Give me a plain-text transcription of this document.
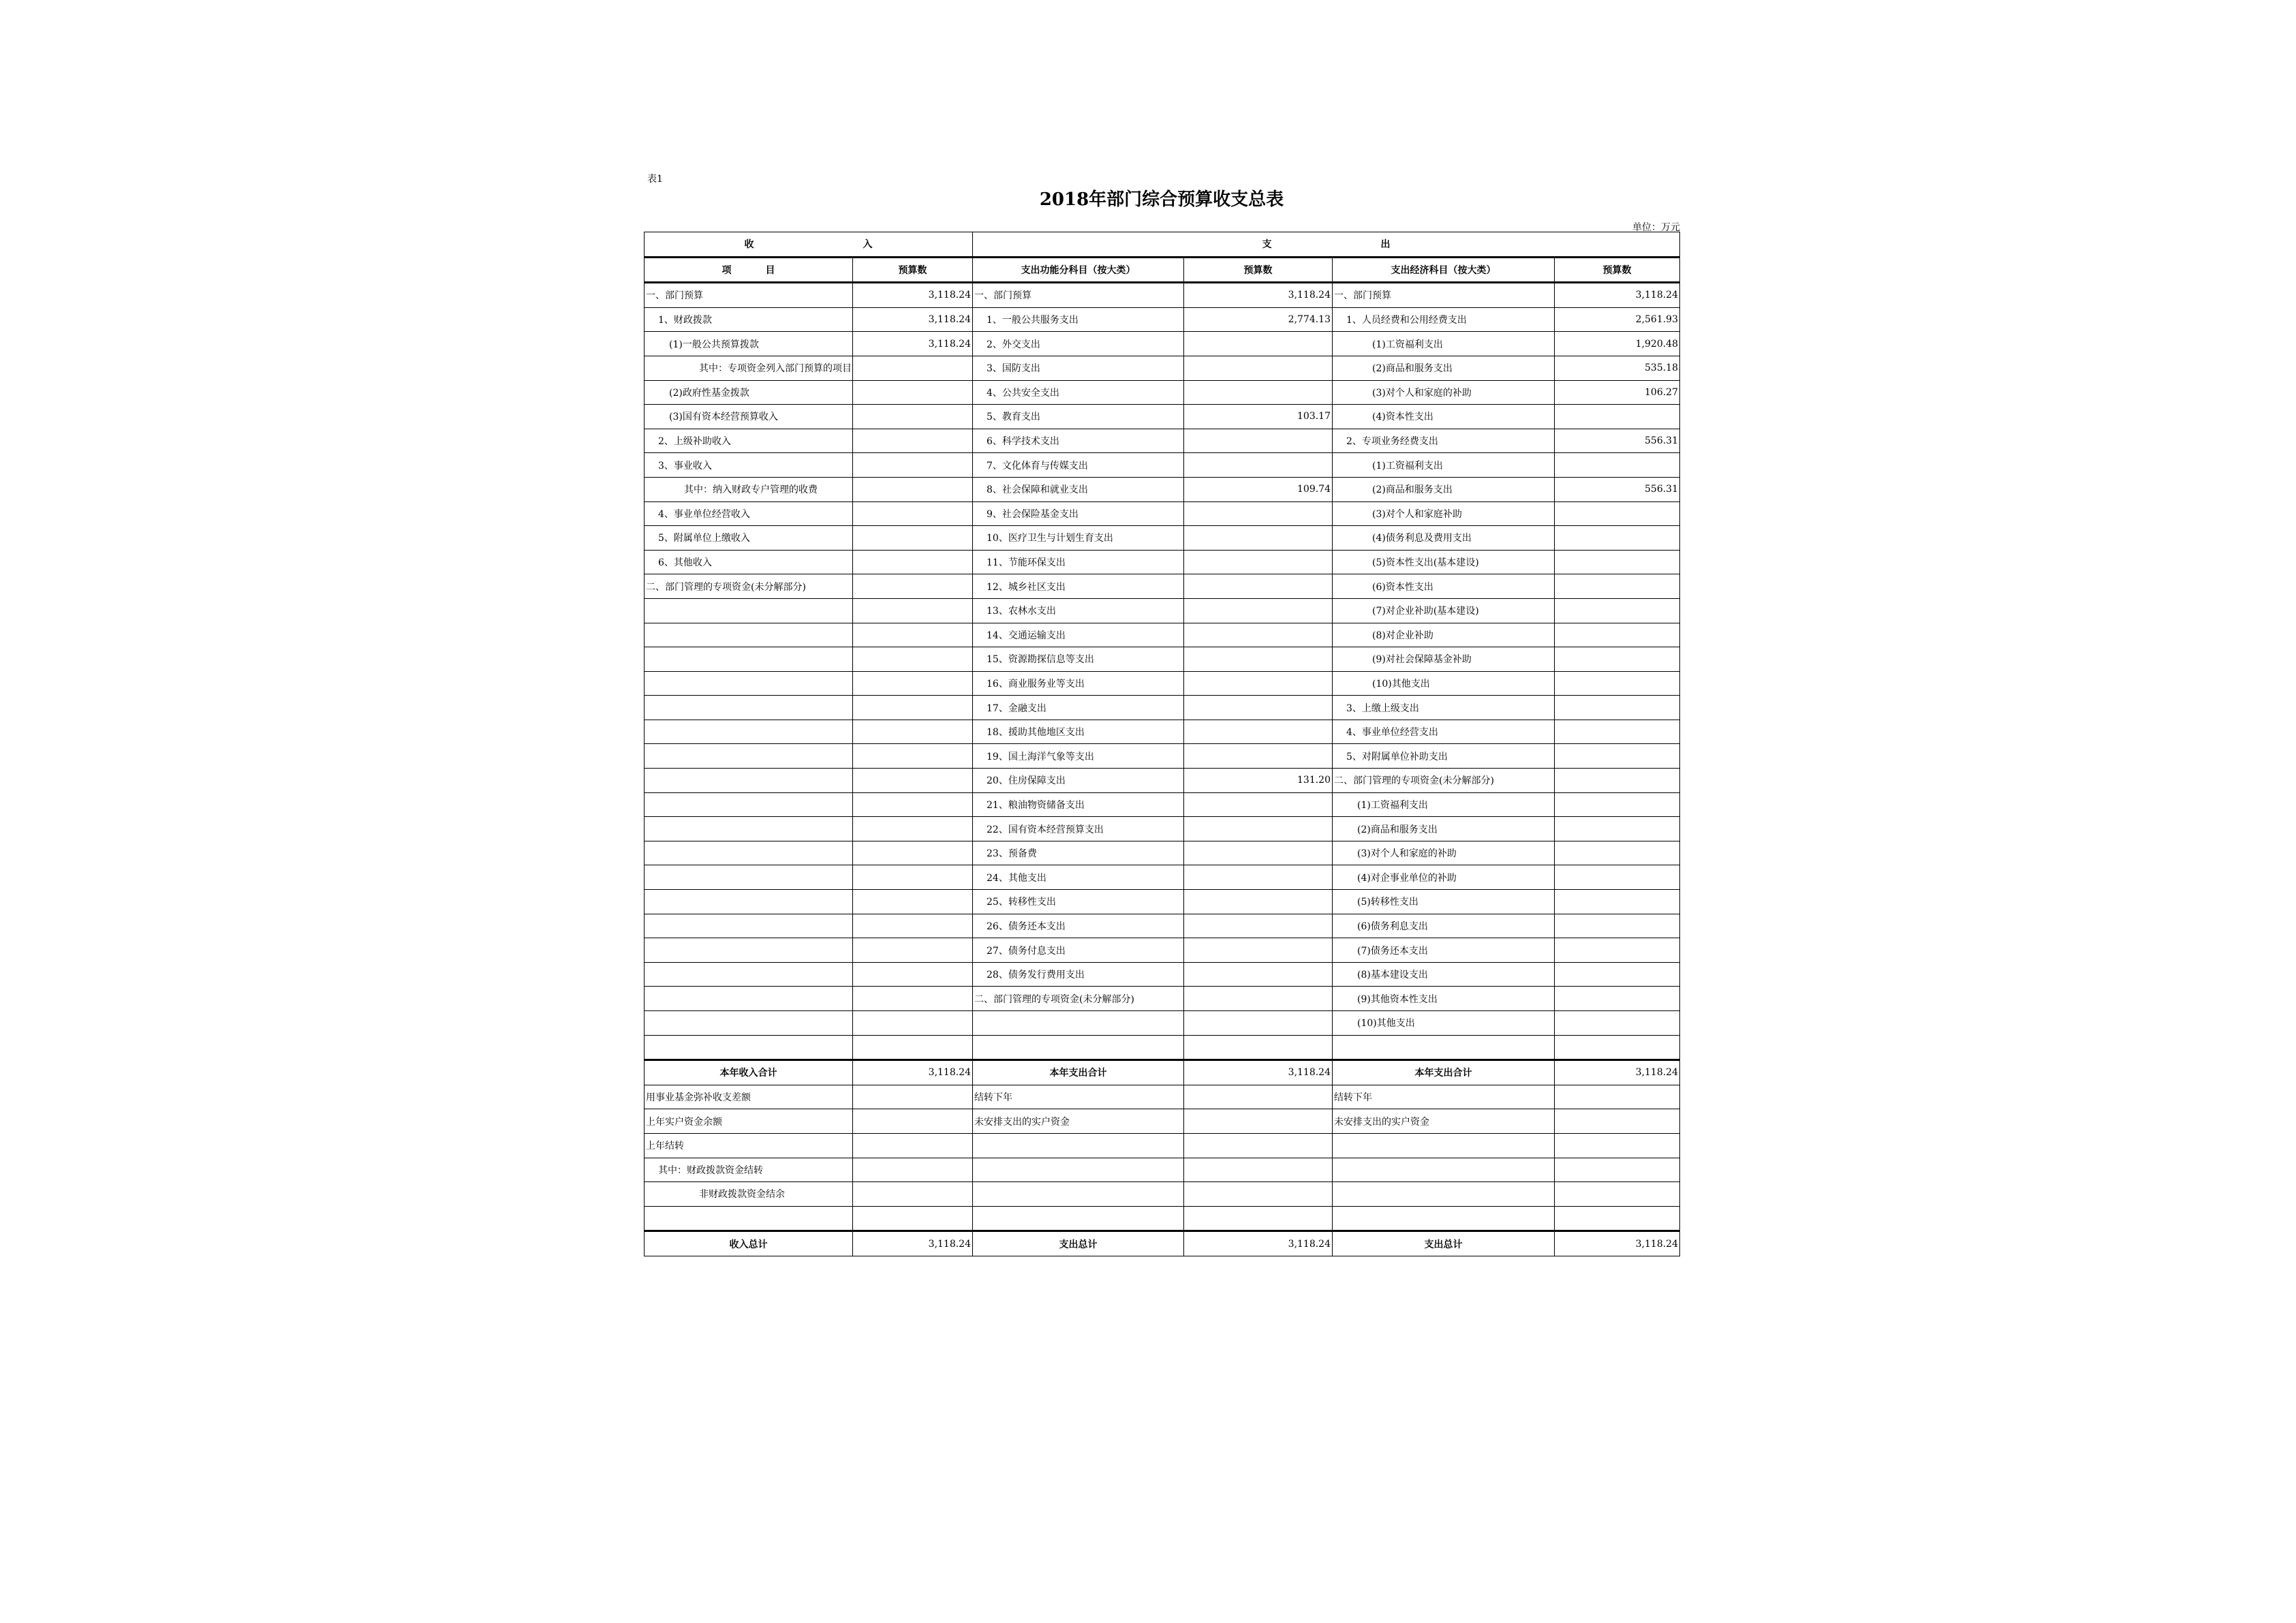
表1
2018年部门综合预算收支总表
单位：万元
收 入		支 出			
项 目	预算数	支出功能分科目（按大类）	预算数	支出经济科目（按大类）	预算数
一、部门预算	3,118.24	一、部门预算	3,118.24	一、部门预算	3,118.24
1、财政拨款	3,118.24	1、一般公共服务支出	2,774.13	1、人员经费和公用经费支出	2,561.93
(1)一般公共预算拨款	3,118.24	2、外交支出		(1)工资福利支出	1,920.48
其中：专项资金列入部门预算的项目		3、国防支出		(2)商品和服务支出	535.18
(2)政府性基金拨款		4、公共安全支出		(3)对个人和家庭的补助	106.27
(3)国有资本经营预算收入		5、教育支出	103.17	(4)资本性支出	
2、上级补助收入		6、科学技术支出		2、专项业务经费支出	556.31
3、事业收入		7、文化体育与传媒支出		(1)工资福利支出	
其中：纳入财政专户管理的收费		8、社会保障和就业支出	109.74	(2)商品和服务支出	556.31
4、事业单位经营收入		9、社会保险基金支出		(3)对个人和家庭补助	
5、附属单位上缴收入		10、医疗卫生与计划生育支出		(4)债务利息及费用支出	
6、其他收入		11、节能环保支出		(5)资本性支出(基本建设)	
二、部门管理的专项资金(未分解部分)		12、城乡社区支出		(6)资本性支出	
		13、农林水支出		(7)对企业补助(基本建设)	
		14、交通运输支出		(8)对企业补助	
		15、资源勘探信息等支出		(9)对社会保障基金补助	
		16、商业服务业等支出		(10)其他支出	
		17、金融支出		3、上缴上级支出	
		18、援助其他地区支出		4、事业单位经营支出	
		19、国土海洋气象等支出		5、对附属单位补助支出	
		20、住房保障支出	131.20	二、部门管理的专项资金(未分解部分)	
		21、粮油物资储备支出		(1)工资福利支出	
		22、国有资本经营预算支出		(2)商品和服务支出	
		23、预备费		(3)对个人和家庭的补助	
		24、其他支出		(4)对企事业单位的补助	
		25、转移性支出		(5)转移性支出	
		26、债务还本支出		(6)债务利息支出	
		27、债务付息支出		(7)债务还本支出	
		28、债务发行费用支出		(8)基本建设支出	
		二、部门管理的专项资金(未分解部分)		(9)其他资本性支出	
				(10)其他支出	

本年收入合计	3,118.24	本年支出合计	3,118.24	本年支出合计	3,118.24
用事业基金弥补收支差额		结转下年		结转下年	
上年实户资金余额		未安排支出的实户资金		未安排支出的实户资金	
上年结转					
其中：财政拨款资金结转					
非财政拨款资金结余					

收入总计	3,118.24	支出总计	3,118.24	支出总计	3,118.24
